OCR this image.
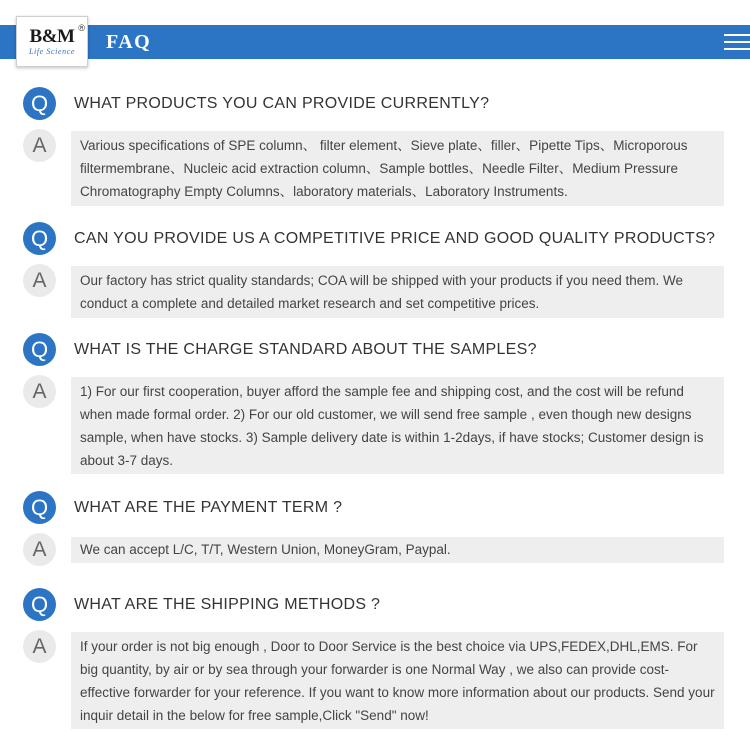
B&M ®
Life Science	FAQ
Q	WHAT PRODUCTS YOU CAN PROVIDE CURRENTLY?
A	Various specifications of SPE column、 filter element、Sieve plate、filler、Pipette Tips、Microporous filtermembrane、Nucleic acid extraction column、Sample bottles、Needle Filter、Medium Pressure Chromatography Empty Columns、laboratory materials、Laboratory Instruments.
Q	CAN YOU PROVIDE US A COMPETITIVE PRICE AND GOOD QUALITY PRODUCTS?
A	Our factory has strict quality standards; COA will be shipped with your products if you need them. We conduct a complete and detailed market research and set competitive prices.
Q	WHAT IS THE CHARGE STANDARD ABOUT THE SAMPLES?
A	1) For our first cooperation, buyer afford the sample fee and shipping cost, and the cost will be refund when made formal order. 2) For our old customer, we will send free sample , even though new designs sample, when have stocks. 3) Sample delivery date is within 1-2days, if have stocks; Customer design is about 3-7 days.
Q	WHAT ARE THE PAYMENT TERM ?
A	We can accept L/C, T/T, Western Union, MoneyGram, Paypal.
Q	WHAT ARE THE SHIPPING METHODS ?
A	If your order is not big enough , Door to Door Service is the best choice via UPS,FEDEX,DHL,EMS. For big quantity, by air or by sea through your forwarder is one Normal Way , we also can provide cost-effective forwarder for your reference. If you want to know more information about our products. Send your inquir detail in the below for free sample,Click "Send" now!
